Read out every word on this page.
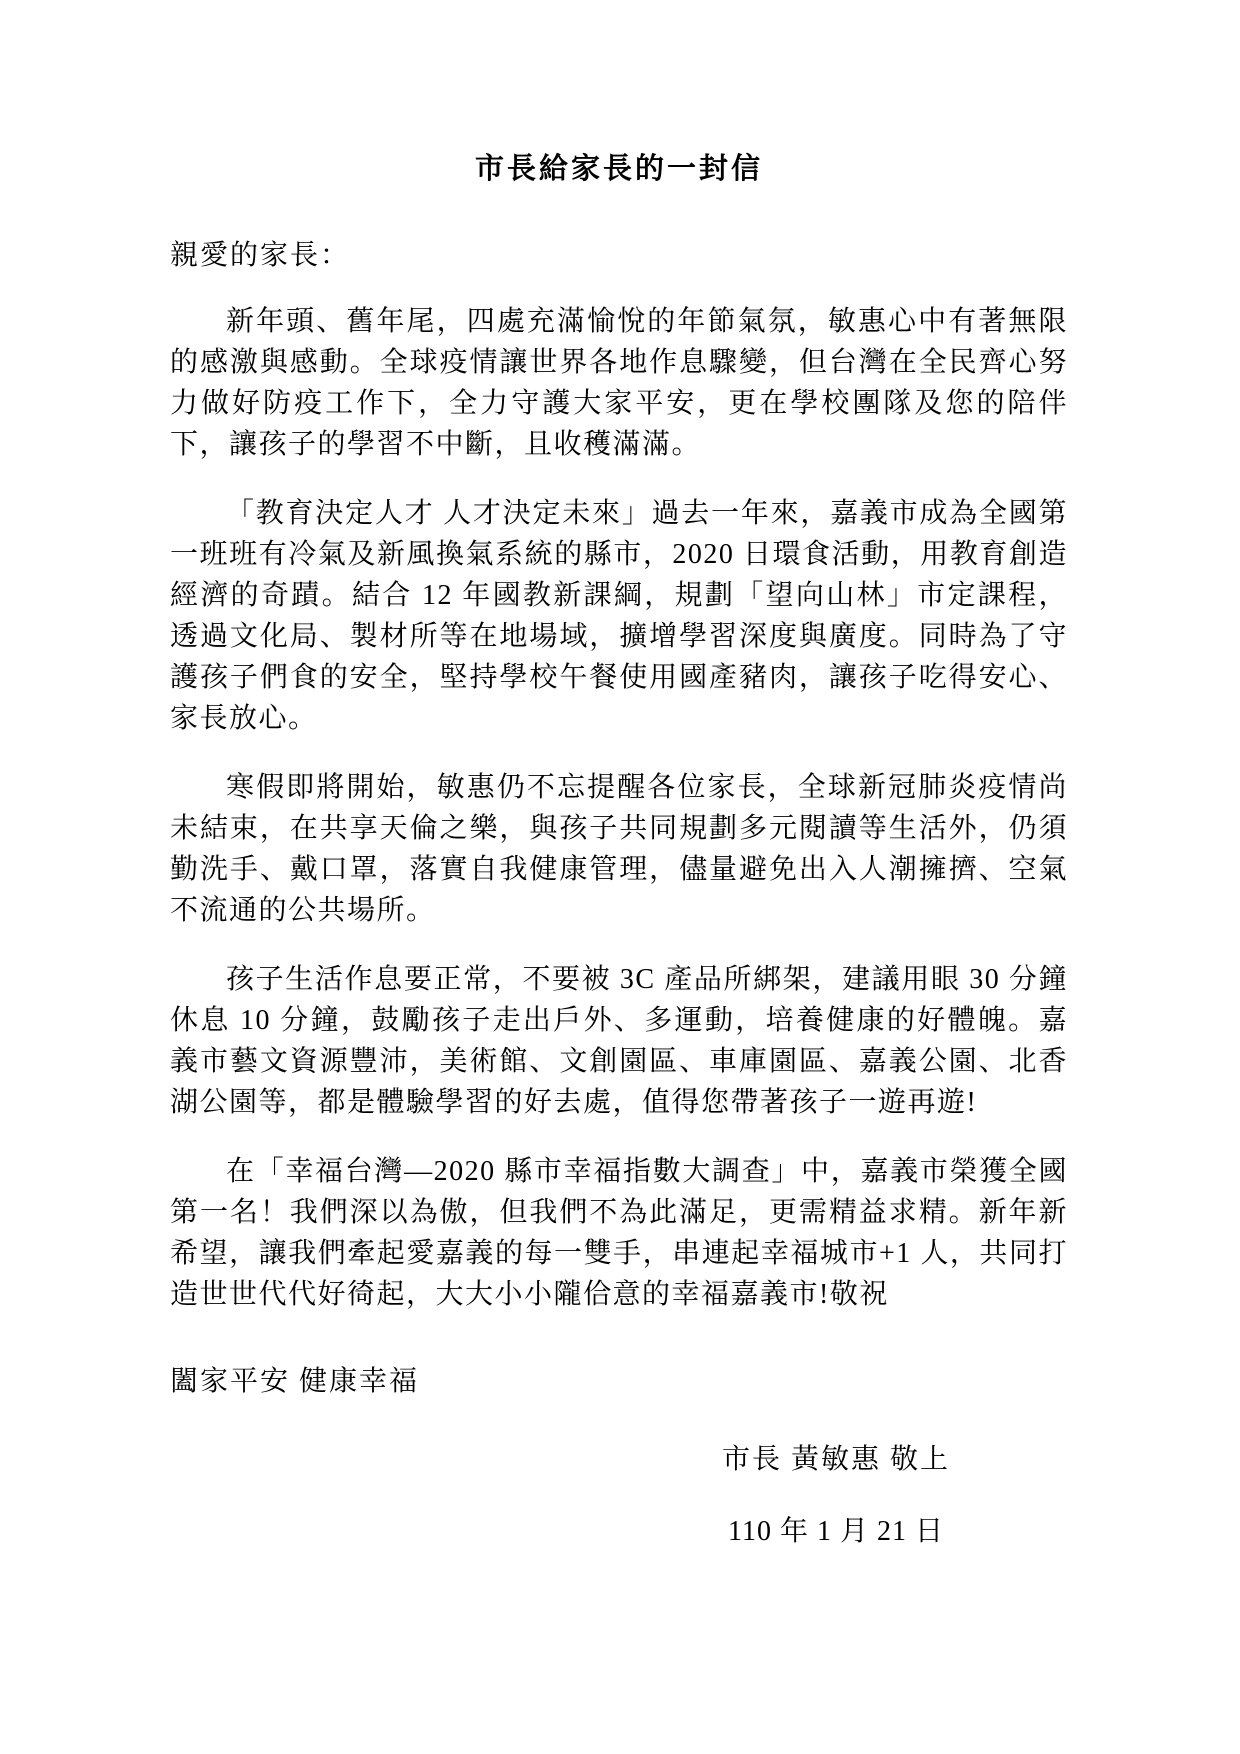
市長給家長的一封信

親愛的家長：

新年頭、舊年尾，四處充滿愉悅的年節氣氛，敏惠心中有著無限的感激與感動。全球疫情讓世界各地作息驟變，但台灣在全民齊心努力做好防疫工作下，全力守護大家平安，更在學校團隊及您的陪伴下，讓孩子的學習不中斷，且收穫滿滿。

「教育決定人才 人才決定未來」過去一年來，嘉義市成為全國第一班班有冷氣及新風換氣系統的縣市，2020 日環食活動，用教育創造經濟的奇蹟。結合 12 年國教新課綱，規劃「望向山林」市定課程，透過文化局、製材所等在地場域，擴增學習深度與廣度。同時為了守護孩子們食的安全，堅持學校午餐使用國產豬肉，讓孩子吃得安心、家長放心。

寒假即將開始，敏惠仍不忘提醒各位家長，全球新冠肺炎疫情尚未結束，在共享天倫之樂，與孩子共同規劃多元閱讀等生活外，仍須勤洗手、戴口罩，落實自我健康管理，儘量避免出入人潮擁擠、空氣不流通的公共場所。

孩子生活作息要正常，不要被 3C 產品所綁架，建議用眼 30 分鐘休息 10 分鐘，鼓勵孩子走出戶外、多運動，培養健康的好體魄。嘉義市藝文資源豐沛，美術館、文創園區、車庫園區、嘉義公園、北香湖公園等，都是體驗學習的好去處，值得您帶著孩子一遊再遊!

在「幸福台灣—2020 縣市幸福指數大調查」中，嘉義市榮獲全國第一名！我們深以為傲，但我們不為此滿足，更需精益求精。新年新希望，讓我們牽起愛嘉義的每一雙手，串連起幸福城市+1 人，共同打造世世代代好徛起，大大小小隴佮意的幸福嘉義市!敬祝

闔家平安 健康幸福

市長 黃敏惠 敬上

110 年 1 月 21 日
